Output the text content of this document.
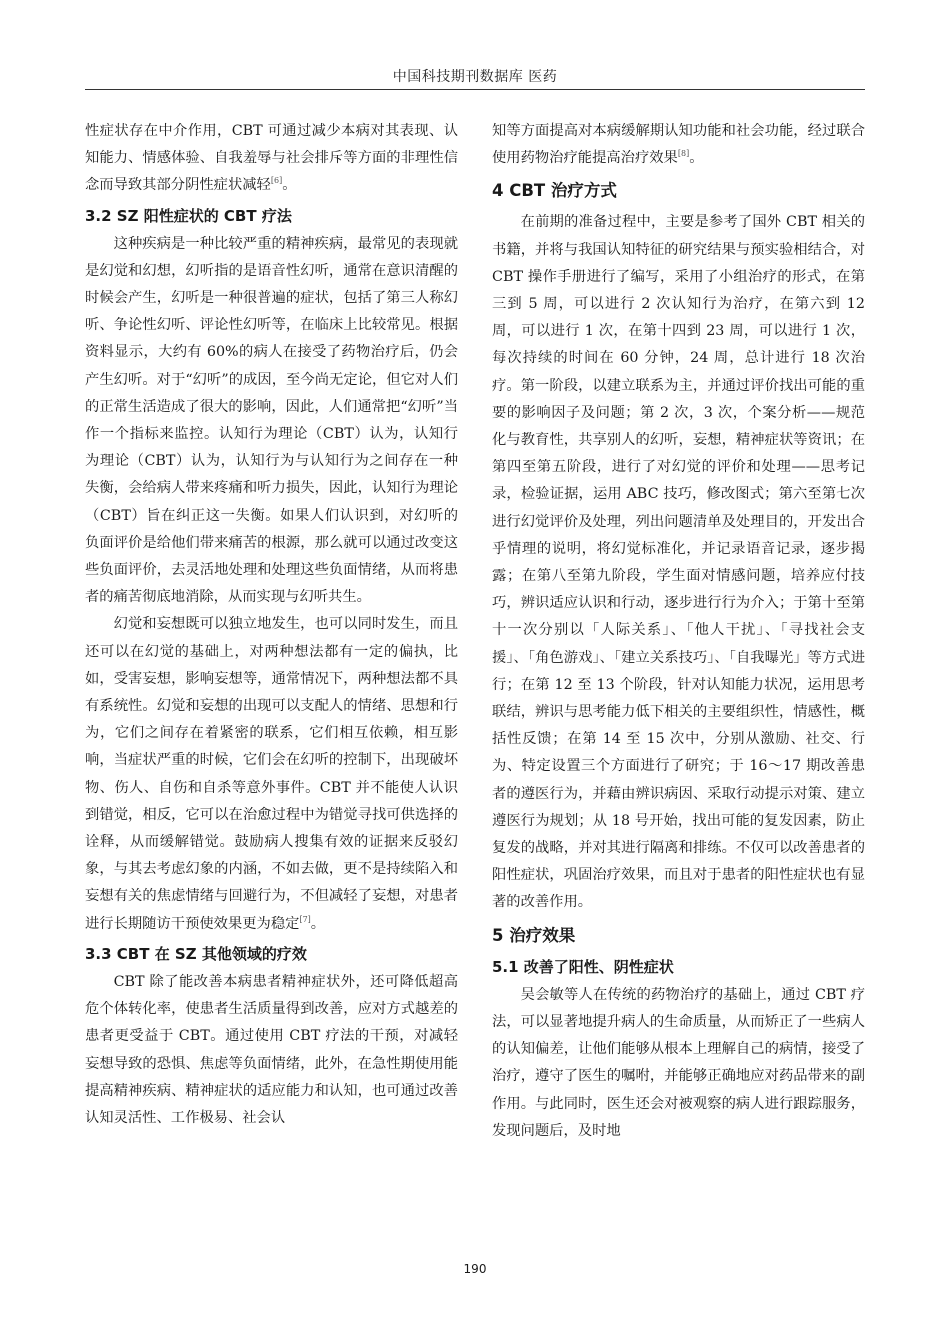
中国科技期刊数据库 医药

性症状存在中介作用，CBT 可通过减少本病对其表现、认知能力、情感体验、自我羞辱与社会排斥等方面的非理性信念而导致其部分阴性症状减轻[6]。

3.2 SZ 阳性症状的 CBT 疗法

这种疾病是一种比较严重的精神疾病，最常见的表现就是幻觉和幻想，幻听指的是语音性幻听，通常在意识清醒的时候会产生，幻听是一种很普遍的症状，包括了第三人称幻听、争论性幻听、评论性幻听等，在临床上比较常见。根据资料显示，大约有 60%的病人在接受了药物治疗后，仍会产生幻听。对于“幻听”的成因，至今尚无定论，但它对人们的正常生活造成了很大的影响，因此，人们通常把“幻听”当作一个指标来监控。认知行为理论（CBT）认为，认知行为理论（CBT）认为，认知行为与认知行为之间存在一种失衡，会给病人带来疼痛和听力损失，因此，认知行为理论（CBT）旨在纠正这一失衡。如果人们认识到，对幻听的负面评价是给他们带来痛苦的根源，那么就可以通过改变这些负面评价，去灵活地处理和处理这些负面情绪，从而将患者的痛苦彻底地消除，从而实现与幻听共生。

幻觉和妄想既可以独立地发生，也可以同时发生，而且还可以在幻觉的基础上，对两种想法都有一定的偏执，比如，受害妄想，影响妄想等，通常情况下，两种想法都不具有系统性。幻觉和妄想的出现可以支配人的情绪、思想和行为，它们之间存在着紧密的联系，它们相互依赖，相互影响，当症状严重的时候，它们会在幻听的控制下，出现破坏物、伤人、自伤和自杀等意外事件。CBT 并不能使人认识到错觉，相反，它可以在治愈过程中为错觉寻找可供选择的诠释，从而缓解错觉。鼓励病人搜集有效的证据来反驳幻象，与其去考虑幻象的内涵，不如去做，更不是持续陷入和妄想有关的焦虑情绪与回避行为，不但减轻了妄想，对患者进行长期随访干预使效果更为稳定[7]。

3.3 CBT 在 SZ 其他领域的疗效

CBT 除了能改善本病患者精神症状外，还可降低超高危个体转化率，使患者生活质量得到改善，应对方式越差的患者更受益于 CBT。通过使用 CBT 疗法的干预，对减轻妄想导致的恐惧、焦虑等负面情绪，此外，在急性期使用能提高精神疾病、精神症状的适应能力和认知，也可通过改善认知灵活性、工作极易、社会认

知等方面提高对本病缓解期认知功能和社会功能，经过联合使用药物治疗能提高治疗效果[8]。

4 CBT 治疗方式

在前期的准备过程中，主要是参考了国外 CBT 相关的书籍，并将与我国认知特征的研究结果与预实验相结合，对 CBT 操作手册进行了编写，采用了小组治疗的形式，在第三到 5 周，可以进行 2 次认知行为治疗，在第六到 12 周，可以进行 1 次，在第十四到 23 周，可以进行 1 次，每次持续的时间在 60 分钟，24 周，总计进行 18 次治疗。第一阶段，以建立联系为主，并通过评价找出可能的重要的影响因子及问题；第 2 次，3 次，个案分析——规范化与教育性，共享别人的幻听，妄想，精神症状等资讯；在第四至第五阶段，进行了对幻觉的评价和处理——思考记录，检验证据，运用 ABC 技巧，修改图式；第六至第七次进行幻觉评价及处理，列出问题清单及处理目的，开发出合乎情理的说明，将幻觉标准化，并记录语音记录，逐步揭露；在第八至第九阶段，学生面对情感问题，培养应付技巧，辨识适应认识和行动，逐步进行行为介入；于第十至第十一次分别以「人际关系」、「他人干扰」、「寻找社会支援」、「角色游戏」、「建立关系技巧」、「自我曝光」等方式进行；在第 12 至 13 个阶段，针对认知能力状况，运用思考联结，辨识与思考能力低下相关的主要组织性，情感性，概括性反馈；在第 14 至 15 次中，分别从激励、社交、行为、特定设置三个方面进行了研究；于 16～17 期改善患者的遵医行为，并藉由辨识病因、采取行动提示对策、建立遵医行为规划；从 18 号开始，找出可能的复发因素，防止复发的战略，并对其进行隔离和排练。不仅可以改善患者的阳性症状，巩固治疗效果，而且对于患者的阳性症状也有显著的改善作用。

5 治疗效果
5.1 改善了阳性、阴性症状

吴会敏等人在传统的药物治疗的基础上，通过 CBT 疗法，可以显著地提升病人的生命质量，从而矫正了一些病人的认知偏差，让他们能够从根本上理解自己的病情，接受了治疗，遵守了医生的嘱咐，并能够正确地应对药品带来的副作用。与此同时，医生还会对被观察的病人进行跟踪服务，发现问题后，及时地

190
